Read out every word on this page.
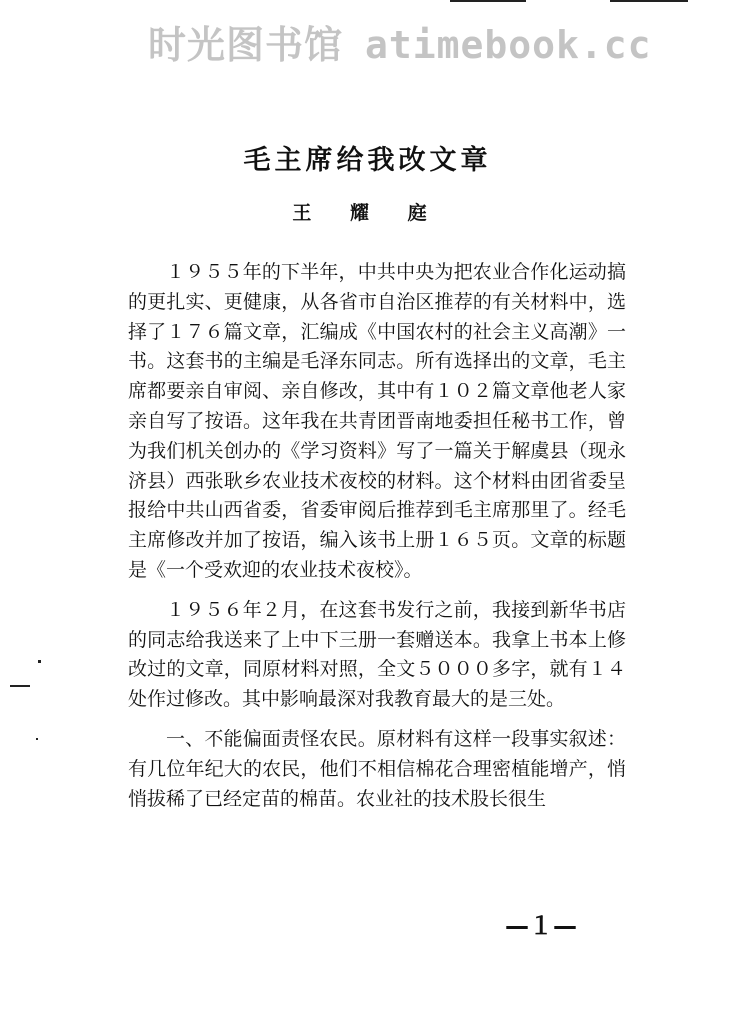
时光图书馆 atimebook.cc
毛主席给我改文章
王 耀 庭

１９５５年的下半年，中共中央为把农业合作化运动搞的更扎实、更健康，从各省市自治区推荐的有关材料中，选择了１７６篇文章，汇编成《中国农村的社会主义高潮》一书。这套书的主编是毛泽东同志。所有选择出的文章，毛主席都要亲自审阅、亲自修改，其中有１０２篇文章他老人家亲自写了按语。这年我在共青团晋南地委担任秘书工作，曾为我们机关创办的《学习资料》写了一篇关于解虞县（现永济县）西张耿乡农业技术夜校的材料。这个材料由团省委呈报给中共山西省委，省委审阅后推荐到毛主席那里了。经毛主席修改并加了按语，编入该书上册１６５页。文章的标题是《一个受欢迎的农业技术夜校》。

１９５６年２月，在这套书发行之前，我接到新华书店的同志给我送来了上中下三册一套赠送本。我拿上书本上修改过的文章，同原材料对照，全文５０００多字，就有１４处作过修改。其中影响最深对我教育最大的是三处。

一、不能偏面责怪农民。原材料有这样一段事实叙述：有几位年纪大的农民，他们不相信棉花合理密植能增产，悄悄拔稀了已经定苗的棉苗。农业社的技术股长很生

—１—
